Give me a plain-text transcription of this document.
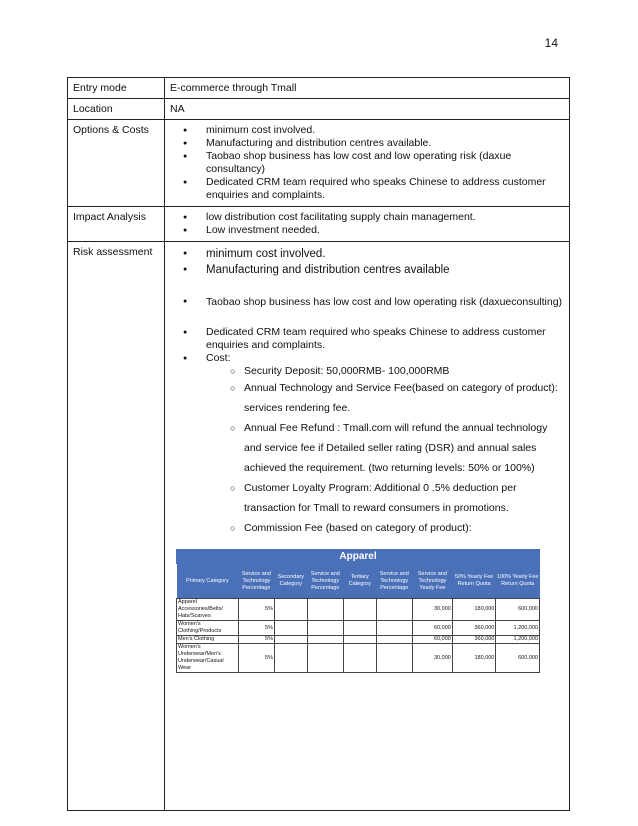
14
Entry mode	E-commerce through Tmall
Location	NA
Options & Costs	
●minimum cost involved.
● Manufacturing and distribution centres available.
● Taobao shop business has low cost and low operating risk (daxue consultancy)
● Dedicated CRM team required who speaks Chinese to address customer enquiries and complaints.

Impact Analysis	
●low distribution cost facilitating supply chain management.
● Low investment needed.

Risk assessment	
●minimum cost involved.
● Manufacturing and distribution centres available
● Taobao shop business has low cost and low operating risk (daxueconsulting)
● Dedicated CRM team required who speaks Chinese to address customer enquiries and complaints.
● Cost:
○ Security Deposit: 50,000RMB- 100,000RMB
○ Annual Technology and Service Fee(based on category of product): services rendering fee.
○ Annual Fee Refund : Tmall.com will refund the annual technology and service fee if Detailed seller rating (DSR) and annual sales achieved the requirement. (two returning levels: 50% or 100%)
○ Customer Loyalty Program: Additional 0 .5% deduction per transaction for Tmall to reward consumers in promotions.
○ Commission Fee (based on category of product):
Apparel
Primary Category	Service and Technology Percentage	Secondary Category	Service and Technology Percentage	Tertiary Category	Service and Technology Percentage	Service and Technology Yearly Fee	50% Yearly Fee Return Quota	100% Yearly Fee Return Quota
Apparel Accessories/Belts/ Hats/Scarves	5%					30,000	180,000	600,000
Women's Clothing/Products	5%					60,000	360,000	1,200,000
Men's Clothing	5%					60,000	360,000	1,200,000
Women's Underwear/Men's Underwear/Casual Wear	5%					30,000	180,000	600,000
